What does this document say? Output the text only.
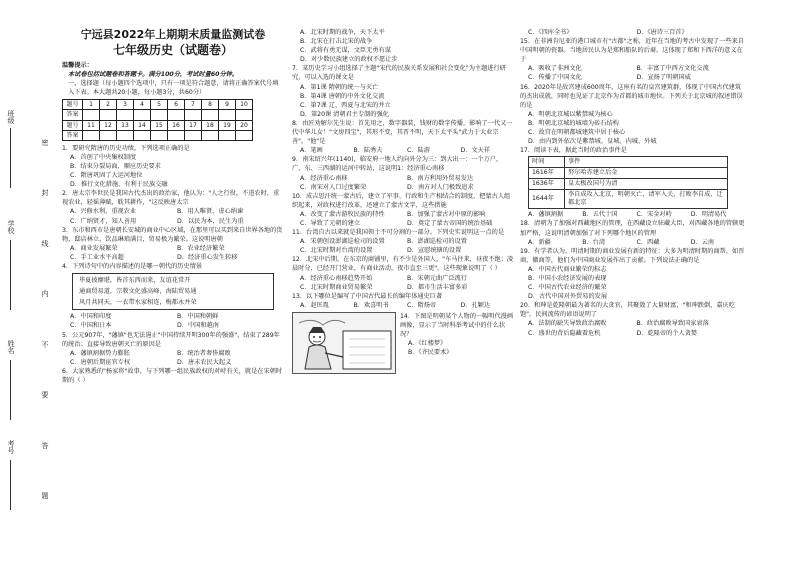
班级
学校
姓名
考号
密
封
线
内
不
要
答
题
宁远县2022年上期期末质量监测试卷
七年级历史（试题卷）
温馨提示：
本试卷包括试题卷和答题卡。满分100分，考试时量60分钟。
一、选择题（每小题四个选项中，只有一项是符合题意，请将正确答案代号填入下表。本大题共20小题，每小题3分，共60分）
题号	1	2	3	4	5	6	7	8	9	10
答案										
题号	11	12	13	14	15	16	17	18	19	20
答案										
1．要研究隋唐的历史功绩，下列选项正确的是
A．首创了中央集权制度
B．结束分裂局面，顺应历史要求
C．隋唐巩固了大运河地位
D．推行文化措施，有利于民族交融
2．唐太宗李世民是我国古代杰出的政治家，他认为："人之行役，不违农时，重视农业，轻徭薄赋，耽其耕作，"这反映唐太宗
A．兴修水利，重视农业	B．用人唯贤，虚心纳谏
C．广纳贤才，知人善用	D．以民为本，民生为重
3．东市和西市是唐朝长安城的商业中心区域，在那里可以买到来自世界各地的货物，邸店林立，饮品琳琅满目，贸易极为繁荣。这说明唐朝
A．商业发展繁荣	B．农业经济繁荣
C．手工业水平高超	D．经济重心发生转移
4．下列诗句中的内容描述的是哪一朝代的历史情景
毕夏披靡堪，皆首东西而来，友谊花常开
通商贸易道，宗教文化盛高峰，海陆贸易通
风月共同天，一衣带水家相连，梅都永并荣
A．中国和印度	B．中国和朝鲜
C．中国和日本	D．中国和越南
5．公元907年，"藩镇"也无法遏止"中国持续开明300年的强盛"，结束了289年的统治；直接导致唐朝灭亡的原因是
A．藩镇割据势力膨胀	B．统治者奢侈腐败
C．唐朝后期宦官专权	D．唐末农民大起义
6．大家熟悉的"杨家将"故事，与下列哪一组民族政权的对峙有关，就是在宋朝时期的（ ）
A．北宋时期的战争，天下太平
B．北宋在打击北宋的战争
C．武将有勇无谋，文臣无勇有谋
D．对少数民族建立的政权不愿让步
7．某历史学习小组选择了主题"宋代的民族关系发展和社会变化"为主题进行研究，可以入选的课文是
A．第1课 隋朝的统一与灭亡
B．第4课 唐朝的中外文化交流
C．第7课 辽、西夏与北宋的并立
D．第20课 清朝君主专制的强化
8．由匠劝解尔先生说：首先用之，数字器装，钱财的数字传播，影响了一代又一代中华儿女！"文房四宝"，其形不变，其晋不明，天下太平头"武力于大业宗善"。"他"是
A．笔画	B．陆秀夫	C．陆游	D．文天祥
9．南宋绍兴年(1140)，临安府一地人约向外分为三：到大出一：一个万户，广、东、三西湖的运河中转站，这说明1：经济重心南移
A．经济重心南移	B．南方利用外贸易发达
C．南宋对人口过度繁荣	D．南方对人门极致追求
10．成吉思汗统一蒙古后，建立了军事、行政和生产相结合的制度，把蒙古人组织起来，对政权进行改革，还建立了蒙古文字，这些措施
A．改变了蒙古游牧民族的特性	B．加强了蒙古对中原的影响
C．导致了元朝的建立	D．奠定了蒙古帝国的统治基础
11．台湾自古以来就是我国领土不可分割的一部分。下列史实说明这一点的是
A．宋朝创设澎湖巡检司的设置	B．澎湖巡检司的设置
C．北宋时期对台湾的设置	D．宣慰统辖的设置
12．北宋中后期，在东京的商铺里，有不少是外国人，"车马往来，昼夜不绝；凌晨时分，已经开门营业，有商业活动，夜市直至三更"。这些现象说明了（ ）
A．经济重心南移趋势开始	B．宋朝元曲广泛流行
C．北宋时期商业贸易繁荣	D．都市生活丰富多彩
13．以下哪位是编写了中国古代最长的编年体通史巨著
A．赵匡胤	B．欢喜明书	C．隋炀帝	D．孔颖达
14．下图是明朝某个人物的一幅明代漫画画像，显示了当时科举考试中的什么状况？
A．《红楼梦》
B．《齐民要术》
C．《四库全书》	D．《唐诗三百首》
15．在非洲肯尼亚的港口城市有"古都"之称，近年在当地的考古中发现了一些来自中国明朝的瓷器。当地居民认为是郑和船队的后裔。这体现了郑和下西洋的意义在于
A．吸收了非洲文化	B．丰富了中西方文化交流
C．传播了中国文化	D．宣扬了明朝国威
16．2020年是故宫建成600周年，这座有名的皇宫建筑群，体现了中国古代建筑的杰出成就，同时也见证了北京作为首都的城市地位。下列关于北京城的叙述错误的是
A．明朝北京城以紫禁城为核心
B．明朝北京城的城墙为砖石结构
C．故宫在明朝都城建筑中居于核心
D．由内到外依次是紫禁城、皇城、内城、外城
17．阅读下表，据此当时的政治事件是
时间	事件
1616年	努尔哈赤建立后金
1636年	皇太极改国号为清
1644年	李自成攻入北京，明朝灭亡，清军入关，打败李自成，迁都北京
A．藩镇割据	B．五代十国	C．宋金对峙	D．明清易代
18．清朝为了加强对西藏地区的管理，在西藏设立驻藏大臣，对西藏各地的管辖更加严格，这说明清朝加强了对下列哪个地区的管理
A．新疆	B．台湾	C．西藏	D．云南
19．有学者认为，明清时期的商业发展有新的特征：大多为明清时期的商帮，如晋商、徽商等，他们为中国商业发展作出了贡献。下列说法正确的是
A．中国古代商业繁荣的标志
B．中国小农经济发展的表现
C．中国古代农业经济的繁荣
D．古代中国对外贸易的发展
20．和珅是乾隆朝最为著名的大贪官，其聚敛了大量财富，"和珅跌倒，嘉庆吃饱"，民间流传的谚语说明了
A．法制的缺失导致政治腐败	B．政治腐败导致国家衰落
C．盛世的背后隐藏着危机	D．乾隆帝的个人贪婪
